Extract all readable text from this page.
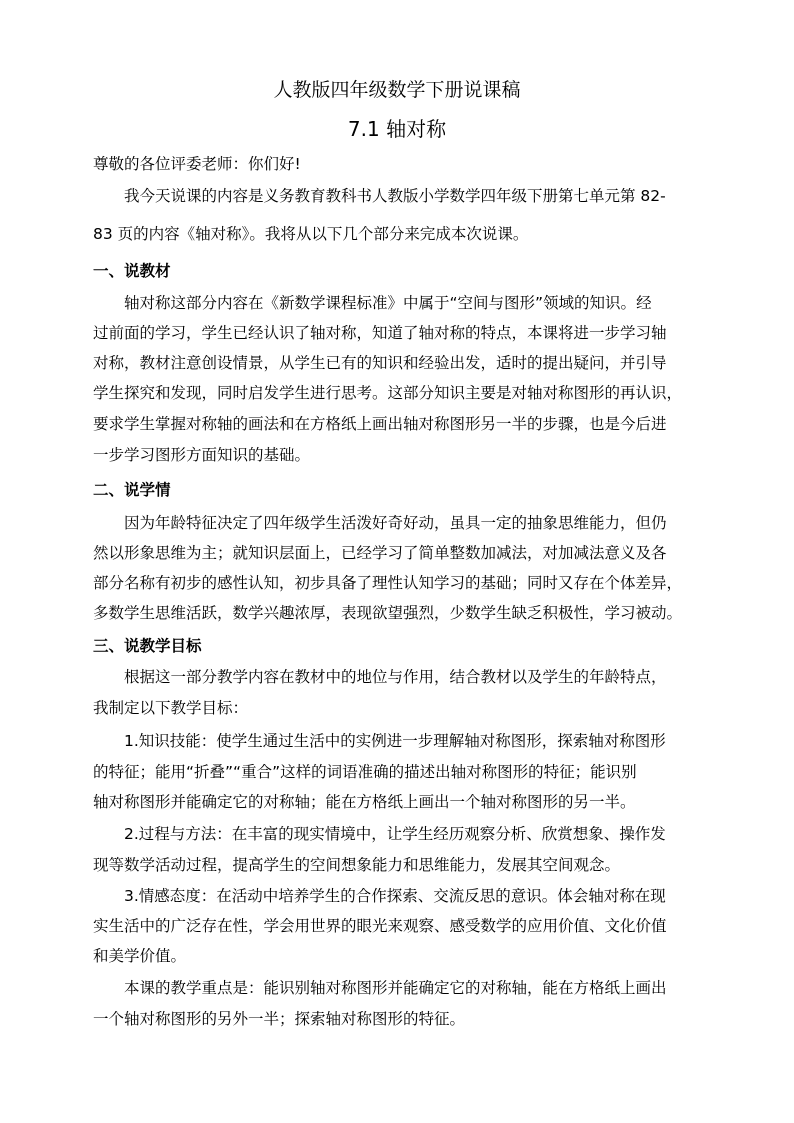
人教版四年级数学下册说课稿
7.1 轴对称
尊敬的各位评委老师：你们好!
我今天说课的内容是义务教育教科书人教版小学数学四年级下册第七单元第 82-
83 页的内容《轴对称》。我将从以下几个部分来完成本次说课。
一、说教材
轴对称这部分内容在《新数学课程标准》中属于“空间与图形”领域的知识。经
过前面的学习，学生已经认识了轴对称，知道了轴对称的特点，本课将进一步学习轴
对称，教材注意创设情景，从学生已有的知识和经验出发，适时的提出疑问，并引导
学生探究和发现，同时启发学生进行思考。这部分知识主要是对轴对称图形的再认识，
要求学生掌握对称轴的画法和在方格纸上画出轴对称图形另一半的步骤，也是今后进
一步学习图形方面知识的基础。
二、说学情
因为年龄特征决定了四年级学生活泼好奇好动，虽具一定的抽象思维能力，但仍
然以形象思维为主；就知识层面上，已经学习了简单整数加减法，对加减法意义及各
部分名称有初步的感性认知，初步具备了理性认知学习的基础；同时又存在个体差异，
多数学生思维活跃，数学兴趣浓厚，表现欲望强烈，少数学生缺乏积极性，学习被动。
三、说教学目标
根据这一部分教学内容在教材中的地位与作用，结合教材以及学生的年龄特点，
我制定以下教学目标：
1.知识技能：使学生通过生活中的实例进一步理解轴对称图形，探索轴对称图形
的特征；能用“折叠”“重合”这样的词语准确的描述出轴对称图形的特征；能识别
轴对称图形并能确定它的对称轴；能在方格纸上画出一个轴对称图形的另一半。
2.过程与方法：在丰富的现实情境中，让学生经历观察分析、欣赏想象、操作发
现等数学活动过程，提高学生的空间想象能力和思维能力，发展其空间观念。
3.情感态度：在活动中培养学生的合作探索、交流反思的意识。体会轴对称在现
实生活中的广泛存在性，学会用世界的眼光来观察、感受数学的应用价值、文化价值
和美学价值。
本课的教学重点是：能识别轴对称图形并能确定它的对称轴，能在方格纸上画出
一个轴对称图形的另外一半；探索轴对称图形的特征。
